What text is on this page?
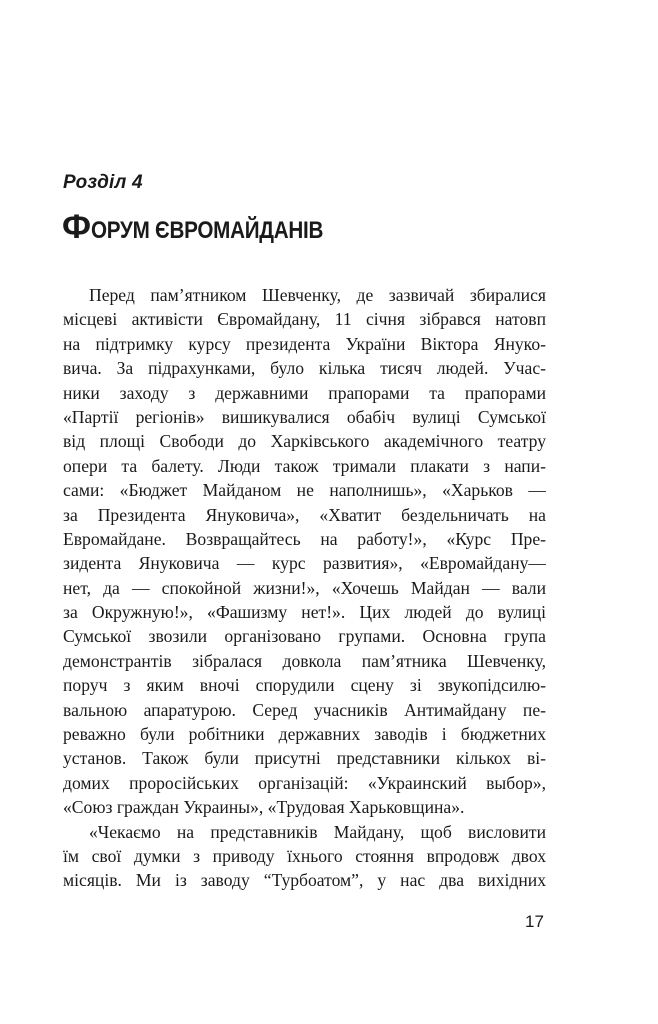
Розділ 4
ФОРУМ ЄВРОМАЙДАНІВ
Перед пам’ятником Шевченку, де зазвичай збиралися
місцеві активісти Євромайдану, 11 січня зібрався натовп
на підтримку курсу президента України Віктора Януко-
вича. За підрахунками, було кілька тисяч людей. Учас-
ники заходу з державними прапорами та прапорами
«Партії регіонів» вишикувалися обабіч вулиці Сумської
від площі Свободи до Харківського академічного театру
опери та балету. Люди також тримали плакати з напи-
сами: «Бюджет Майданом не наполнишь», «Харьков —
за Президента Януковича», «Хватит бездельничать на
Евромайдане. Возвращайтесь на работу!», «Курс Пре-
зидента Януковича — курс развития», «Евромайдану—
нет, да — спокойной жизни!», «Хочешь Майдан — вали
за Окружную!», «Фашизму нет!». Цих людей до вулиці
Сумської звозили організовано групами. Основна група
демонстрантів зібралася довкола пам’ятника Шевченку,
поруч з яким вночі спорудили сцену зі звукопідсилю-
вальною апаратурою. Серед учасників Антимайдану пе-
реважно були робітники державних заводів і бюджетних
установ. Також були присутні представники кількох ві-
домих проросійських організацій: «Украинский выбор»,
«Союз граждан Украины», «Трудовая Харьковщина».
«Чекаємо на представників Майдану, щоб висловити
їм свої думки з приводу їхнього стояння впродовж двох
місяців. Ми із заводу “Турбоатом”, у нас два вихідних
17
